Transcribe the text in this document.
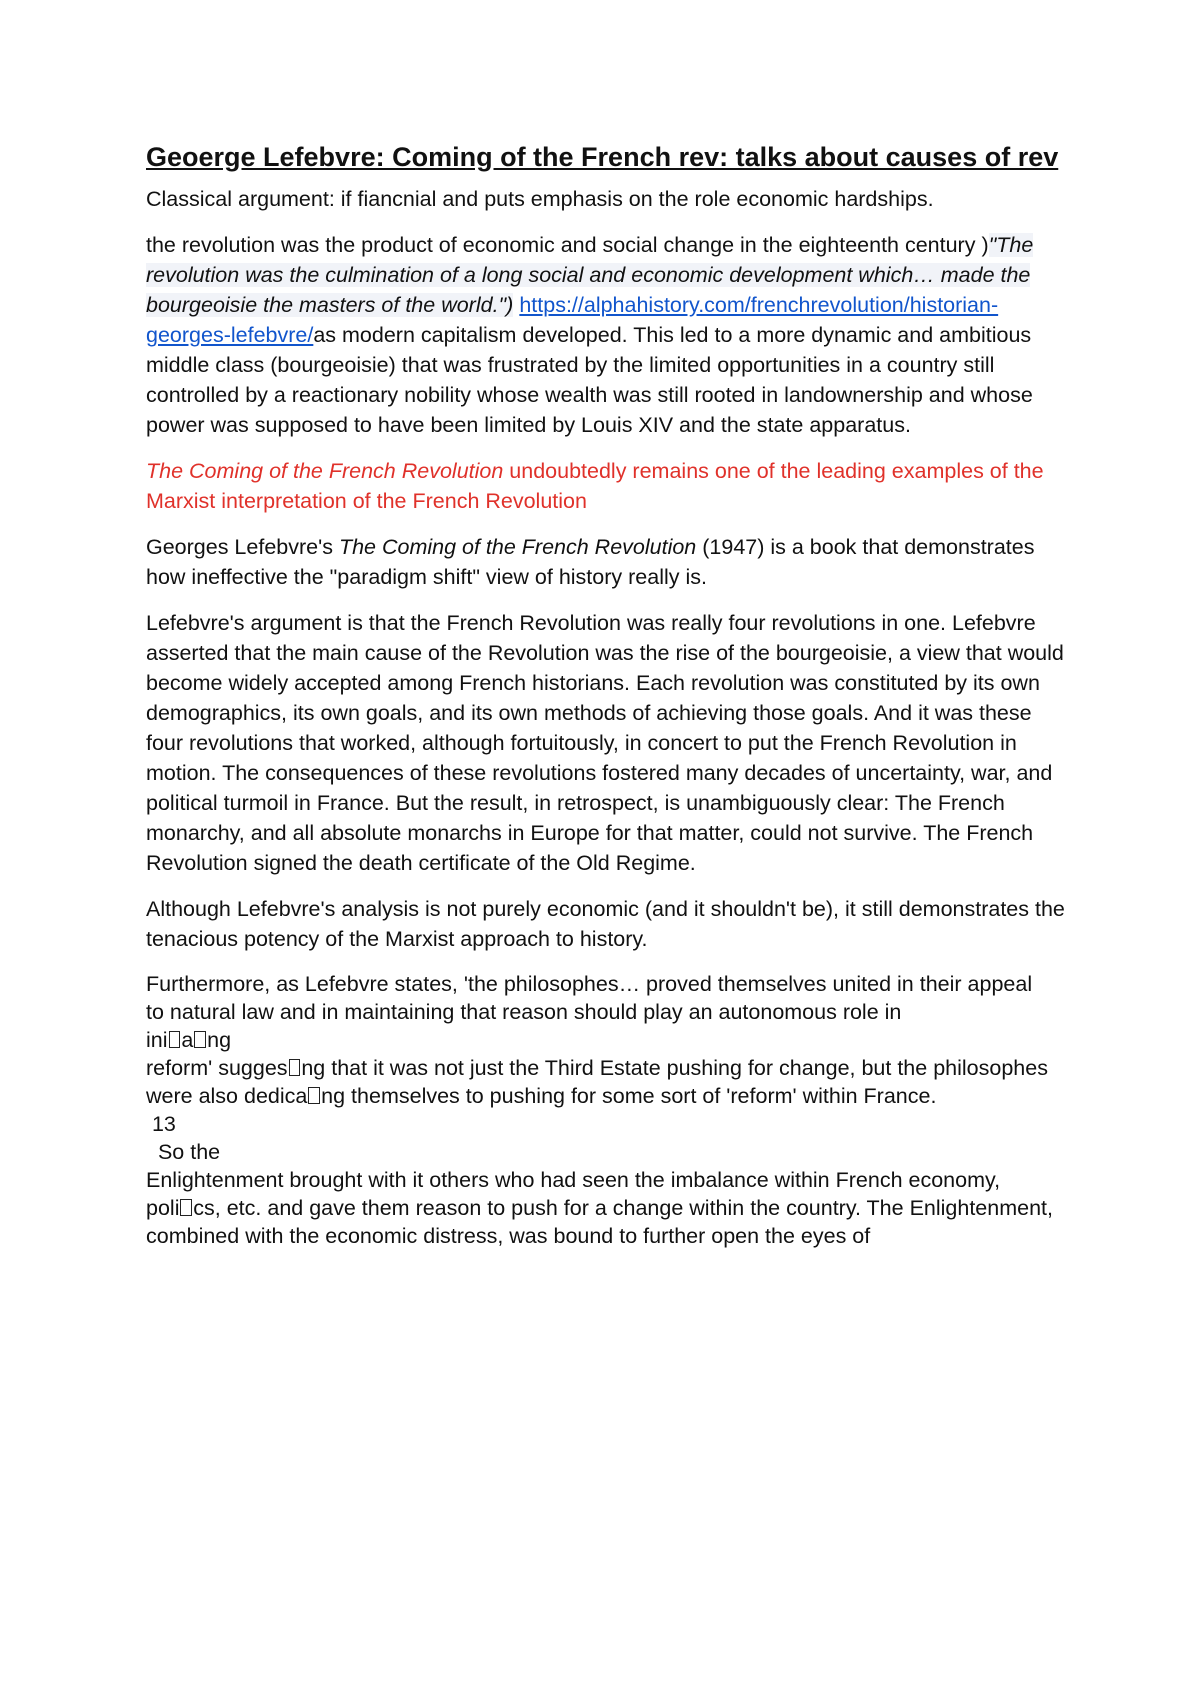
Geoerge Lefebvre: Coming of the French rev: talks about causes of rev

Classical argument: if fiancnial and puts emphasis on the role economic hardships.

the revolution was the product of economic and social change in the eighteenth century )"The revolution was the culmination of a long social and economic development which… made the bourgeoisie the masters of the world.") https://alphahistory.com/frenchrevolution/historian-georges-lefebvre/as modern capitalism developed. This led to a more dynamic and ambitious middle class (bourgeoisie) that was frustrated by the limited opportunities in a country still controlled by a reactionary nobility whose wealth was still rooted in landownership and whose power was supposed to have been limited by Louis XIV and the state apparatus.

The Coming of the French Revolution undoubtedly remains one of the leading examples of the Marxist interpretation of the French Revolution

Georges Lefebvre's The Coming of the French Revolution (1947) is a book that demonstrates how ineffective the "paradigm shift" view of history really is.

Lefebvre's argument is that the French Revolution was really four revolutions in one. Lefebvre asserted that the main cause of the Revolution was the rise of the bourgeoisie, a view that would become widely accepted among French historians. Each revolution was constituted by its own demographics, its own goals, and its own methods of achieving those goals. And it was these four revolutions that worked, although fortuitously, in concert to put the French Revolution in motion. The consequences of these revolutions fostered many decades of uncertainty, war, and political turmoil in France. But the result, in retrospect, is unambiguously clear: The French monarchy, and all absolute monarchs in Europe for that matter, could not survive. The French Revolution signed the death certificate of the Old Regime.

Although Lefebvre's analysis is not purely economic (and it shouldn't be), it still demonstrates the tenacious potency of the Marxist approach to history.

Furthermore, as Lefebvre states, 'the philosophes… proved themselves united in their appeal

to natural law and in maintaining that reason should play an autonomous role in

ini a ng

reform' sugges ng that it was not just the Third Estate pushing for change, but the philosophes

were also dedica ng themselves to pushing for some sort of 'reform' within France.

13

So the

Enlightenment brought with it others who had seen the imbalance within French economy,

poli cs, etc. and gave them reason to push for a change within the country. The Enlightenment, combined with the economic distress, was bound to further open the eyes of
